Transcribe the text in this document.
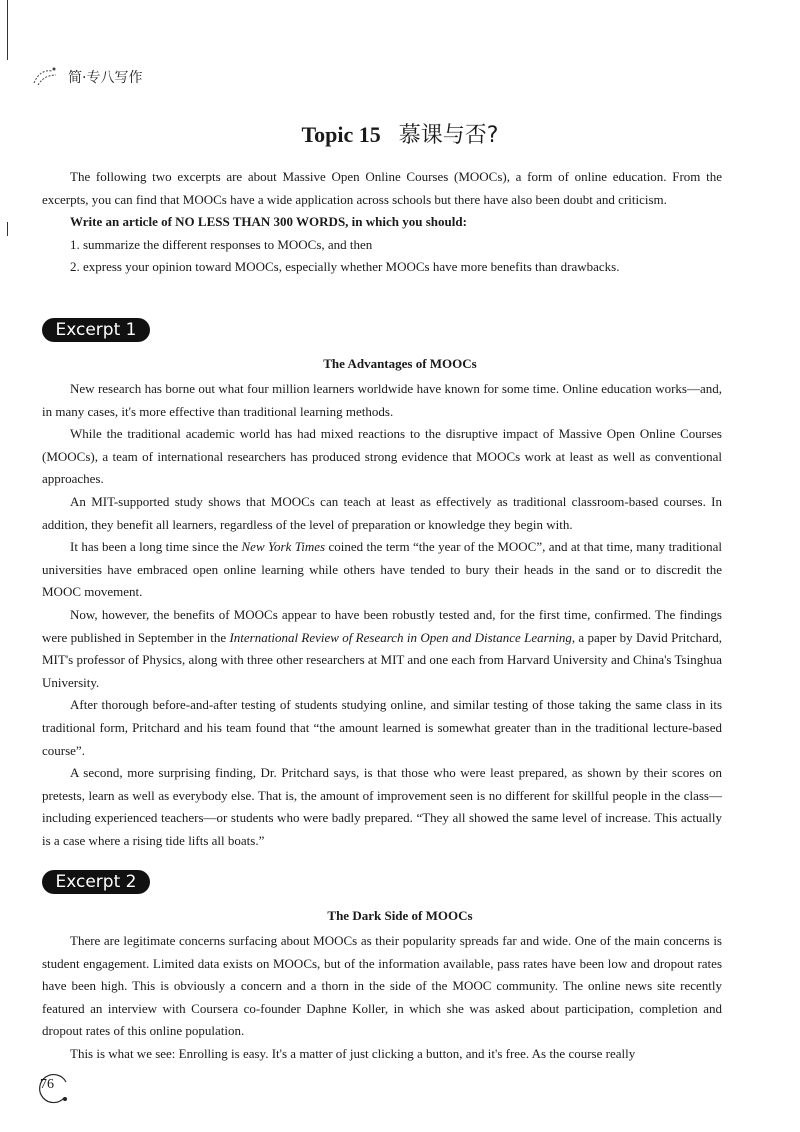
简·专八写作
Topic 15 慕课与否?

The following two excerpts are about Massive Open Online Courses (MOOCs), a form of online education. From the excerpts, you can find that MOOCs have a wide application across schools but there have also been doubt and criticism.

Write an article of NO LESS THAN 300 WORDS, in which you should:

1. summarize the different responses to MOOCs, and then

2. express your opinion toward MOOCs, especially whether MOOCs have more benefits than drawbacks.

Excerpt 1
The Advantages of MOOCs

New research has borne out what four million learners worldwide have known for some time. Online education works—and, in many cases, it's more effective than traditional learning methods.

While the traditional academic world has had mixed reactions to the disruptive impact of Massive Open Online Courses (MOOCs), a team of international researchers has produced strong evidence that MOOCs work at least as well as conventional approaches.

An MIT-supported study shows that MOOCs can teach at least as effectively as traditional classroom-based courses. In addition, they benefit all learners, regardless of the level of preparation or knowledge they begin with.

It has been a long time since the New York Times coined the term “the year of the MOOC”, and at that time, many traditional universities have embraced open online learning while others have tended to bury their heads in the sand or to discredit the MOOC movement.

Now, however, the benefits of MOOCs appear to have been robustly tested and, for the first time, confirmed. The findings were published in September in the International Review of Research in Open and Distance Learning, a paper by David Pritchard, MIT's professor of Physics, along with three other researchers at MIT and one each from Harvard University and China's Tsinghua University.

After thorough before-and-after testing of students studying online, and similar testing of those taking the same class in its traditional form, Pritchard and his team found that “the amount learned is somewhat greater than in the traditional lecture-based course”.

A second, more surprising finding, Dr. Pritchard says, is that those who were least prepared, as shown by their scores on pretests, learn as well as everybody else. That is, the amount of improvement seen is no different for skillful people in the class—including experienced teachers—or students who were badly prepared. “They all showed the same level of increase. This actually is a case where a rising tide lifts all boats.”

Excerpt 2
The Dark Side of MOOCs

There are legitimate concerns surfacing about MOOCs as their popularity spreads far and wide. One of the main concerns is student engagement. Limited data exists on MOOCs, but of the information available, pass rates have been low and dropout rates have been high. This is obviously a concern and a thorn in the side of the MOOC community. The online news site recently featured an interview with Coursera co-founder Daphne Koller, in which she was asked about participation, completion and dropout rates of this online population.

This is what we see: Enrolling is easy. It's a matter of just clicking a button, and it's free. As the course really

76
